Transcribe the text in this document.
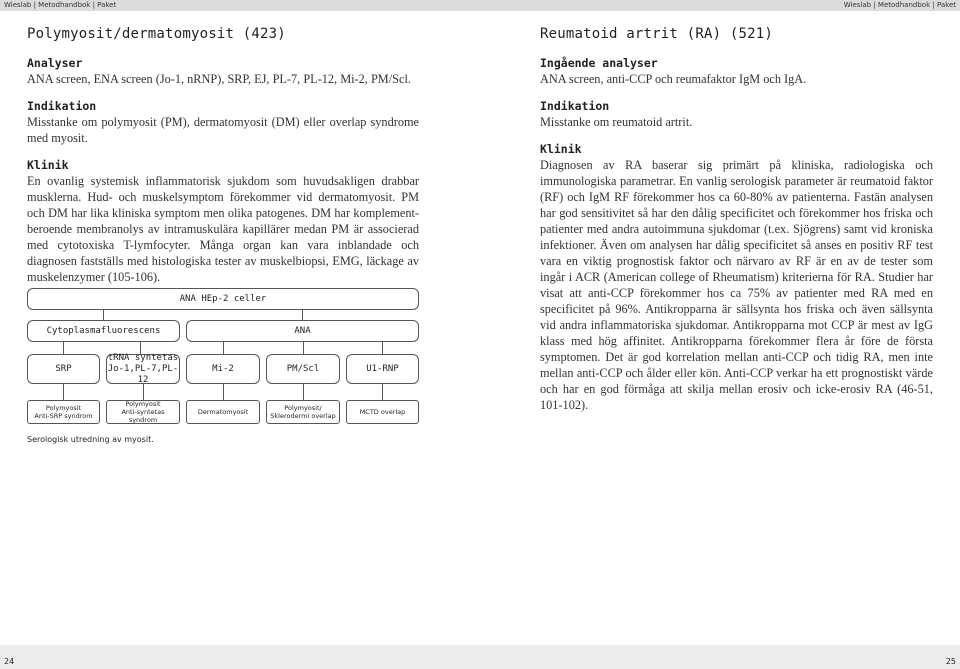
Wieslab | Metodhandbok | Paket	Wieslab | Metodhandbok | Paket
Polymyosit/dermatomyosit (423)
Analyser

ANA screen, ENA screen (Jo-1, nRNP), SRP, EJ, PL-7, PL-12, Mi-2, PM/Scl.

Indikation

Misstanke om polymyosit (PM), dermatomyosit (DM) eller overlap syndrome med myosit.

Klinik

En ovanlig systemisk inflammatorisk sjukdom som huvudsakligen drabbar musklerna. Hud- och muskelsymptom förekommer vid dermatomyosit. PM och DM har lika kliniska symptom men olika patogenes. DM har komplement-beroende membranolys av intramuskulära kapillärer medan PM är associerad med cytotoxiska T-lymfocyter. Många organ kan vara inblandade och diagnosen fastställs med histologiska tester av muskelbiopsi, EMG, läckage av muskelenzymer (105-106).

ANA HEp-2 celler
Cytoplasmafluorescens	ANA
SRP
tRNA syntetas
Jo-1,PL-7,PL-12
Mi-2	PM/Scl	U1-RNP
Polymyosit
Anti-SRP syndrom
Polymyosit
Anti-syntetas syndrom
Dermatomyosit	Polymyosit/
Sklerodermi overlap	MCTD overlap
Serologisk utredning av myosit.
Reumatoid artrit (RA) (521)
Ingående analyser

ANA screen, anti-CCP och reumafaktor IgM och IgA.

Indikation

Misstanke om reumatoid artrit.

Klinik

Diagnosen av RA baserar sig primärt på kliniska, radiologiska och immunologiska parametrar. En vanlig serologisk parameter är reumatoid faktor (RF) och IgM RF förekommer hos ca 60-80% av patienterna. Fastän analysen har god sensitivitet så har den dålig specificitet och förekommer hos friska och patienter med andra autoimmuna sjukdomar (t.ex. Sjögrens) samt vid kroniska infektioner. Även om analysen har dålig specificitet så anses en positiv RF test vara en viktig prognostisk faktor och närvaro av RF är en av de tester som ingår i ACR (American college of Rheumatism) kriterierna för RA. Studier har visat att anti-CCP förekommer hos ca 75% av patienter med RA med en specificitet på 96%. Antikropparna är sällsynta hos friska och även sällsynta vid andra inflammatoriska sjukdomar. Antikropparna mot CCP är mest av IgG klass med hög affinitet. Antikropparna förekommer flera år före de första symptomen. Det är god korrelation mellan anti-CCP och tidig RA, men inte mellan anti-CCP och ålder eller kön. Anti-CCP verkar ha ett prognostiskt värde och har en god förmåga att skilja mellan erosiv och icke-erosiv RA (46-51, 101-102).

24	25
